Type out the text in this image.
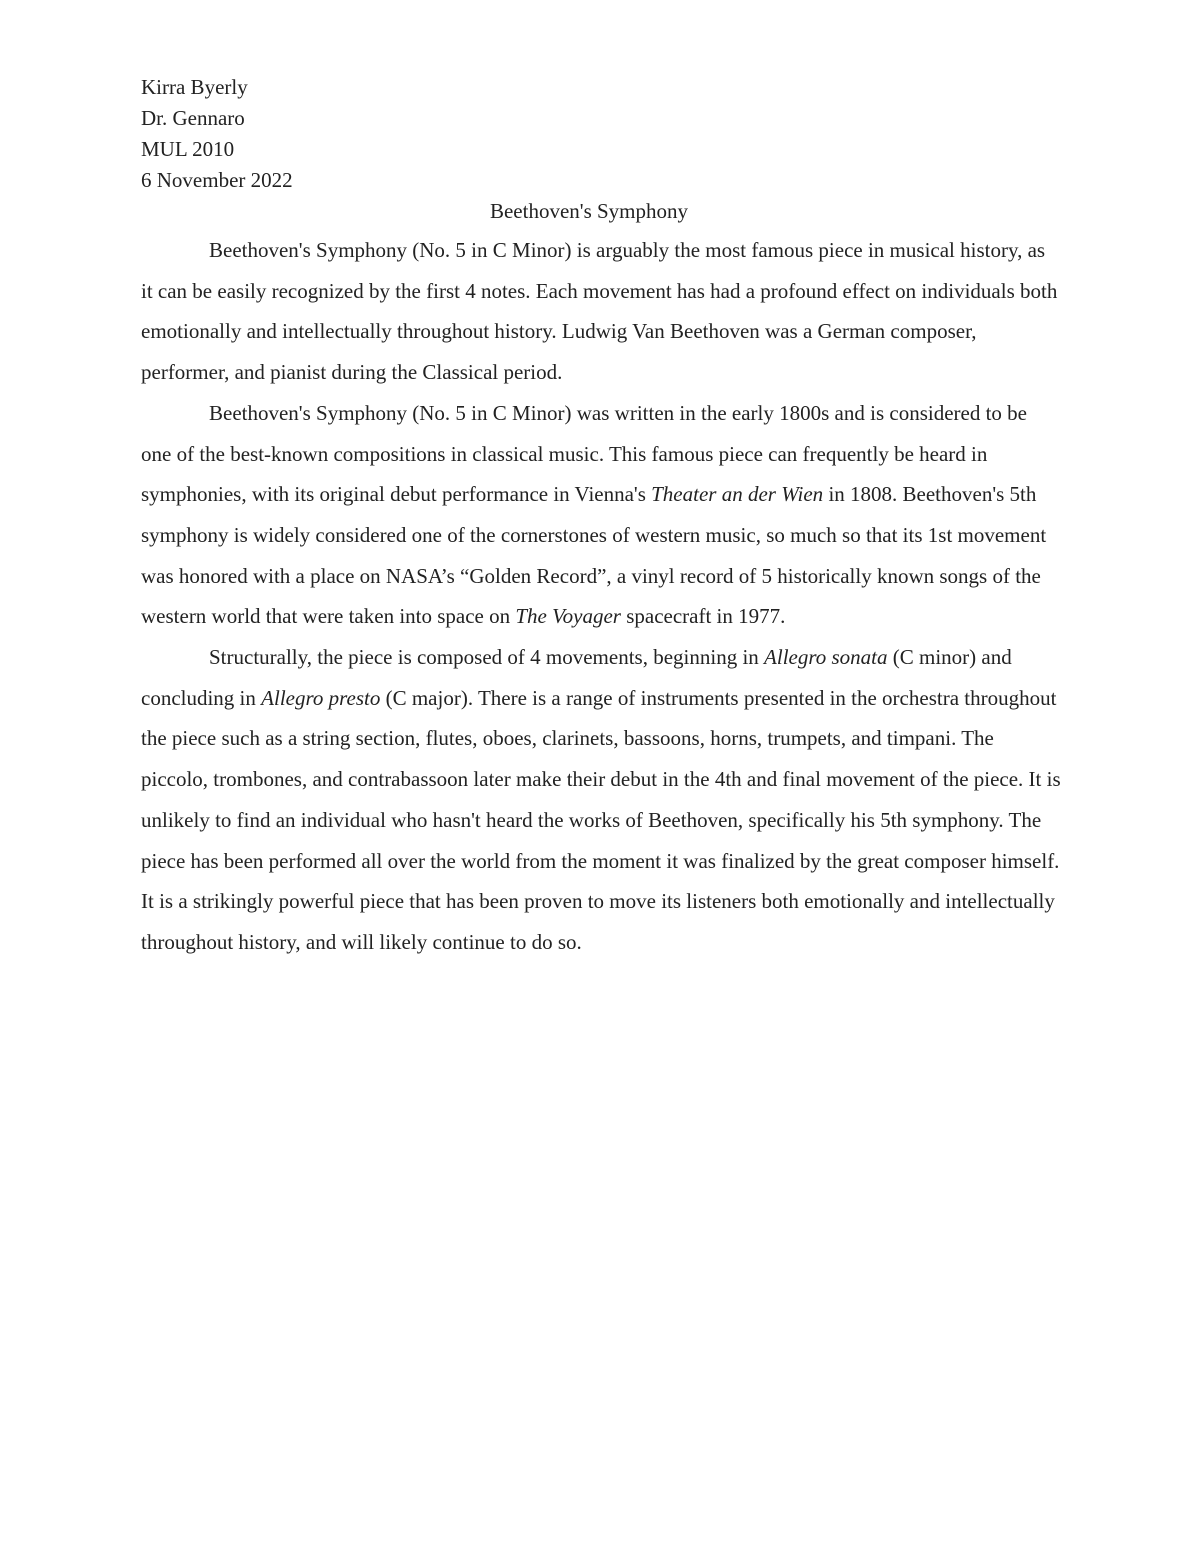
Kirra Byerly
Dr. Gennaro
MUL 2010
6 November 2022
Beethoven's Symphony

Beethoven's Symphony (No. 5 in C Minor) is arguably the most famous piece in musical history, as it can be easily recognized by the first 4 notes. Each movement has had a profound effect on individuals both emotionally and intellectually throughout history. Ludwig Van Beethoven was a German composer, performer, and pianist during the Classical period.

Beethoven's Symphony (No. 5 in C Minor) was written in the early 1800s and is considered to be one of the best-known compositions in classical music. This famous piece can frequently be heard in symphonies, with its original debut performance in Vienna's Theater an der Wien in 1808. Beethoven's 5th symphony is widely considered one of the cornerstones of western music, so much so that its 1st movement was honored with a place on NASA’s “Golden Record”, a vinyl record of 5 historically known songs of the western world that were taken into space on The Voyager spacecraft in 1977.

Structurally, the piece is composed of 4 movements, beginning in Allegro sonata (C minor) and concluding in Allegro presto (C major). There is a range of instruments presented in the orchestra throughout the piece such as a string section, flutes, oboes, clarinets, bassoons, horns, trumpets, and timpani. The piccolo, trombones, and contrabassoon later make their debut in the 4th and final movement of the piece. It is unlikely to find an individual who hasn't heard the works of Beethoven, specifically his 5th symphony. The piece has been performed all over the world from the moment it was finalized by the great composer himself. It is a strikingly powerful piece that has been proven to move its listeners both emotionally and intellectually throughout history, and will likely continue to do so.
